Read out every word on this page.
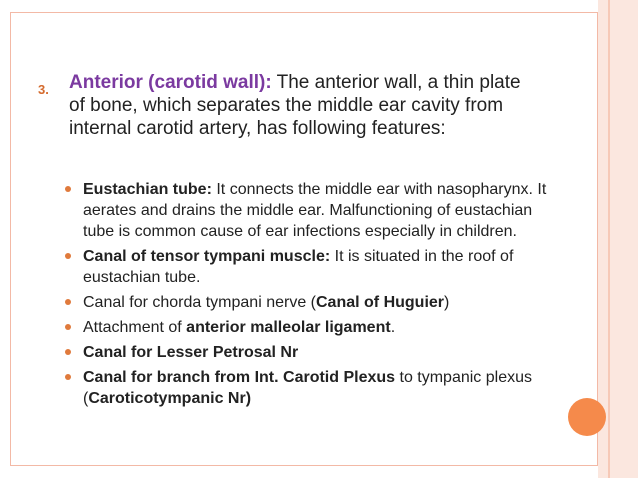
3. Anterior (carotid wall): The anterior wall, a thin plate of bone, which separates the middle ear cavity from internal carotid artery, has following features:
Eustachian tube: It connects the middle ear with nasopharynx. It aerates and drains the middle ear. Malfunctioning of eustachian tube is common cause of ear infections especially in children.
Canal of tensor tympani muscle: It is situated in the roof of eustachian tube.
Canal for chorda tympani nerve (Canal of Huguier)
Attachment of anterior malleolar ligament.
Canal for Lesser Petrosal Nr
Canal for branch from Int. Carotid Plexus to tympanic plexus (Caroticotympanic Nr)
